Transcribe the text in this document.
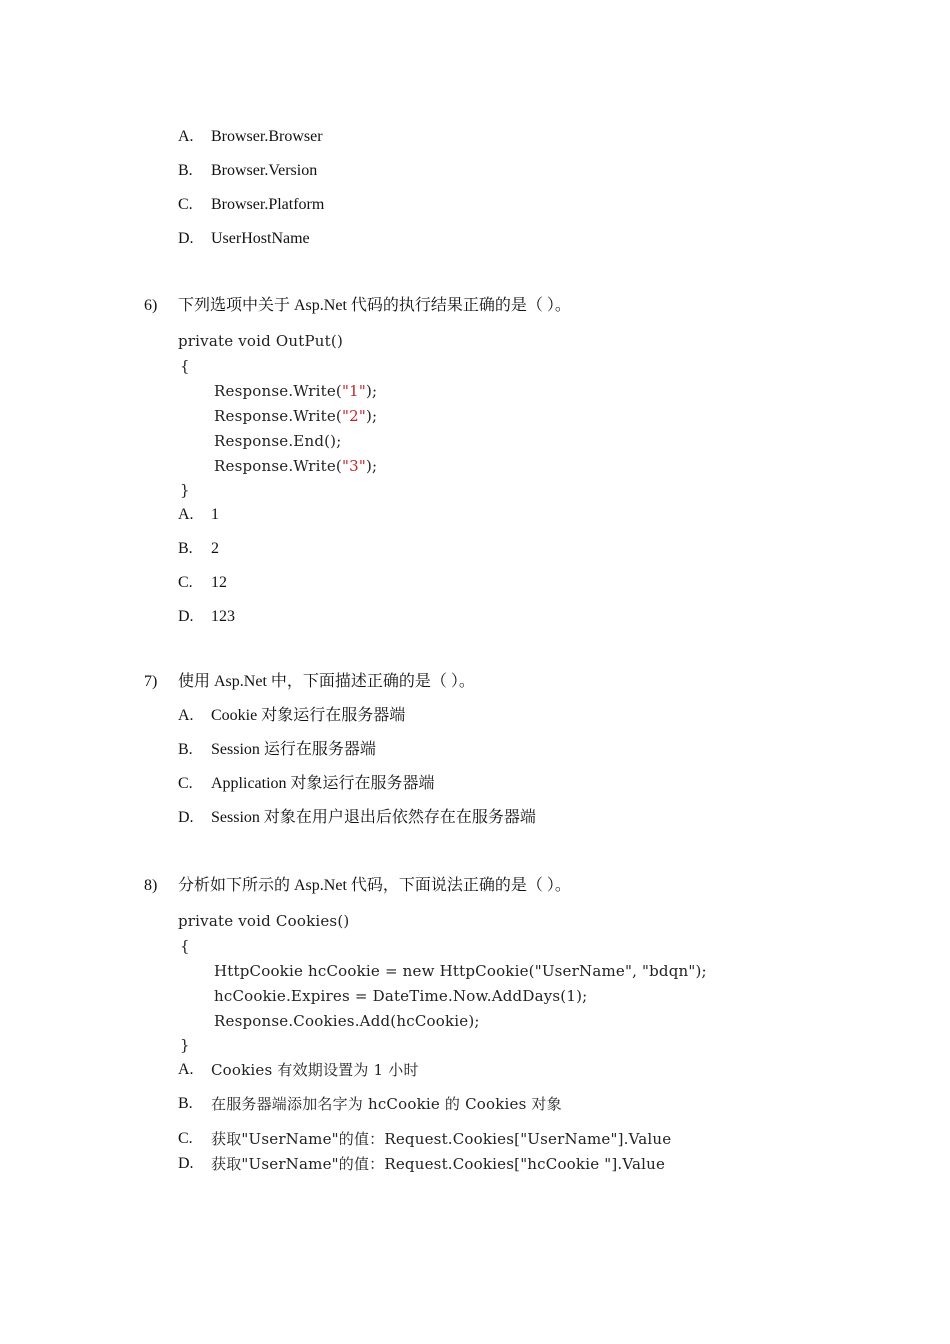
A. Browser.Browser
B. Browser.Version
C. Browser.Platform
D. UserHostName
6) 下列选项中关于 Asp.Net 代码的执行结果正确的是（ ）。
private void OutPut()
{
Response.Write("1");
Response.Write("2");
Response.End();
Response.Write("3");
}
A. 1
B. 2
C. 12
D. 123
7) 使用 Asp.Net 中，下面描述正确的是（ ）。
A. Cookie 对象运行在服务器端
B. Session 运行在服务器端
C. Application 对象运行在服务器端
D. Session 对象在用户退出后依然存在在服务器端
8) 分析如下所示的 Asp.Net 代码，下面说法正确的是（ ）。
private void Cookies()
{
HttpCookie hcCookie = new HttpCookie("UserName", "bdqn");
hcCookie.Expires = DateTime.Now.AddDays(1);
Response.Cookies.Add(hcCookie);
}
A. Cookies 有效期设置为 1 小时
B. 在服务器端添加名字为 hcCookie 的 Cookies 对象
C. 获取"UserName"的值：Request.Cookies["UserName"].Value
D. 获取"UserName"的值：Request.Cookies["hcCookie "].Value
